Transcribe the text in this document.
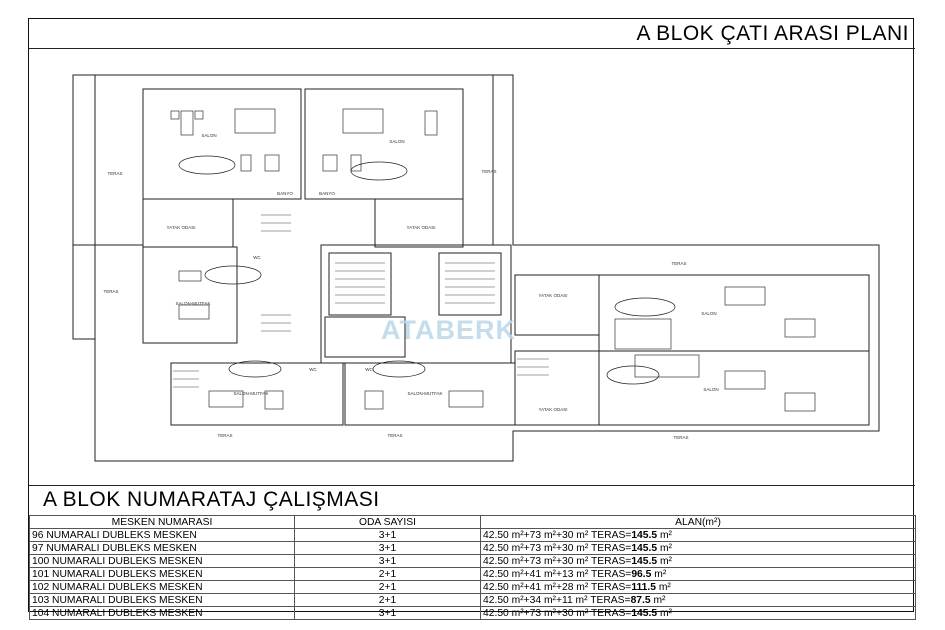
A BLOK ÇATI ARASI PLANI
SALON
SALON
SALON
SALON
SALON-MUTFAK
SALON-MUTFAK	SALON-MUTFAK
YATAK ODASI	YATAK ODASI
YATAK ODASI
YATAK ODASI
BANYO	BANYO
WC
WC	WC
TERAS
TERAS
TERAS
TERAS
TERAS	TERAS	TERAS
ATABERK
A BLOK NUMARATAJ ÇALIŞMASI
MESKEN NUMARASI	ODA SAYISI	ALAN(m²)
96 NUMARALI DUBLEKS MESKEN	3+1	42.50 m²+73 m²+30 m² TERAS=145.5 m²
97 NUMARALI DUBLEKS MESKEN	3+1	42.50 m²+73 m²+30 m² TERAS=145.5 m²
100 NUMARALI DUBLEKS MESKEN	3+1	42.50 m²+73 m²+30 m² TERAS=145.5 m²
101 NUMARALI DUBLEKS MESKEN	2+1	42.50 m²+41 m²+13 m² TERAS=96.5 m²
102 NUMARALI DUBLEKS MESKEN	2+1	42.50 m²+41 m²+28 m² TERAS=111.5 m²
103 NUMARALI DUBLEKS MESKEN	2+1	42.50 m²+34 m²+11 m² TERAS=87.5 m²
104 NUMARALI DUBLEKS MESKEN	3+1	42.50 m²+73 m²+30 m² TERAS=145.5 m²
